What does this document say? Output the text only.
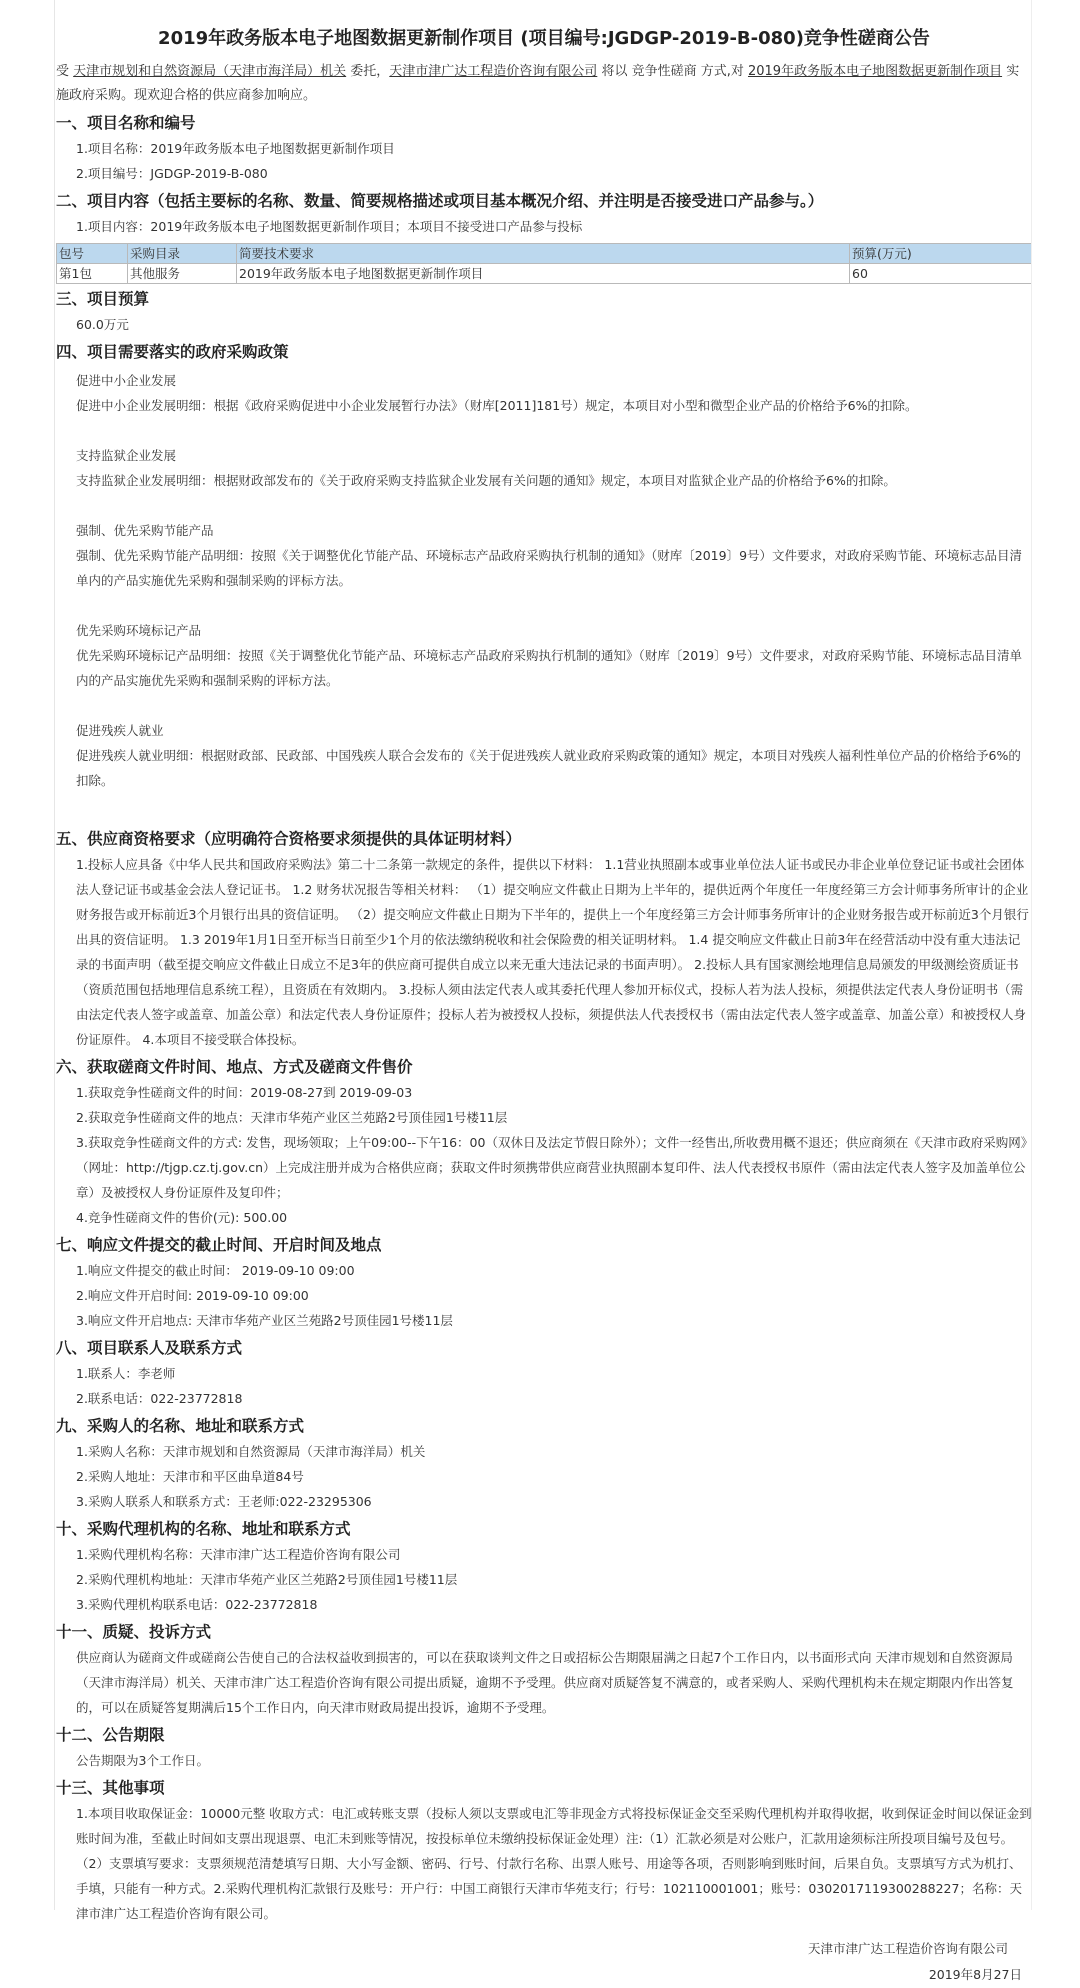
2019年政务版本电子地图数据更新制作项目 (项目编号:JGDGP-2019-B-080)竞争性磋商公告
受 天津市规划和自然资源局（天津市海洋局）机关 委托，天津市津广达工程造价咨询有限公司 将以 竞争性磋商 方式,对 2019年政务版本电子地图数据更新制作项目 实施政府采购。现欢迎合格的供应商参加响应。
一、项目名称和编号
1.项目名称：2019年政务版本电子地图数据更新制作项目
2.项目编号：JGDGP-2019-B-080
二、项目内容（包括主要标的名称、数量、简要规格描述或项目基本概况介绍、并注明是否接受进口产品参与。）
1.项目内容：2019年政务版本电子地图数据更新制作项目；本项目不接受进口产品参与投标
包号	采购目录	简要技术要求	预算(万元)
第1包	其他服务	2019年政务版本电子地图数据更新制作项目	60
三、项目预算
60.0万元
四、项目需要落实的政府采购政策
促进中小企业发展
促进中小企业发展明细：根据《政府采购促进中小企业发展暂行办法》（财库[2011]181号）规定，本项目对小型和微型企业产品的价格给予6%的扣除。
支持监狱企业发展
支持监狱企业发展明细：根据财政部发布的《关于政府采购支持监狱企业发展有关问题的通知》规定，本项目对监狱企业产品的价格给予6%的扣除。
强制、优先采购节能产品
强制、优先采购节能产品明细：按照《关于调整优化节能产品、环境标志产品政府采购执行机制的通知》（财库〔2019〕9号）文件要求，对政府采购节能、环境标志品目清单内的产品实施优先采购和强制采购的评标方法。
优先采购环境标记产品
优先采购环境标记产品明细：按照《关于调整优化节能产品、环境标志产品政府采购执行机制的通知》（财库〔2019〕9号）文件要求，对政府采购节能、环境标志品目清单内的产品实施优先采购和强制采购的评标方法。
促进残疾人就业
促进残疾人就业明细：根据财政部、民政部、中国残疾人联合会发布的《关于促进残疾人就业政府采购政策的通知》规定，本项目对残疾人福利性单位产品的价格给予6%的扣除。
五、供应商资格要求（应明确符合资格要求须提供的具体证明材料）

1.投标人应具备《中华人民共和国政府采购法》第二十二条第一款规定的条件，提供以下材料： 1.1营业执照副本或事业单位法人证书或民办非企业单位登记证书或社会团体法人登记证书或基金会法人登记证书。 1.2 财务状况报告等相关材料： （1）提交响应文件截止日期为上半年的，提供近两个年度任一年度经第三方会计师事务所审计的企业财务报告或开标前近3个月银行出具的资信证明。 （2）提交响应文件截止日期为下半年的，提供上一个年度经第三方会计师事务所审计的企业财务报告或开标前近3个月银行出具的资信证明。 1.3 2019年1月1日至开标当日前至少1个月的依法缴纳税收和社会保险费的相关证明材料。 1.4 提交响应文件截止日前3年在经营活动中没有重大违法记录的书面声明（截至提交响应文件截止日成立不足3年的供应商可提供自成立以来无重大违法记录的书面声明）。 2.投标人具有国家测绘地理信息局颁发的甲级测绘资质证书（资质范围包括地理信息系统工程），且资质在有效期内。 3.投标人须由法定代表人或其委托代理人参加开标仪式，投标人若为法人投标，须提供法定代表人身份证明书（需由法定代表人签字或盖章、加盖公章）和法定代表人身份证原件；投标人若为被授权人投标，须提供法人代表授权书（需由法定代表人签字或盖章、加盖公章）和被授权人身份证原件。 4.本项目不接受联合体投标。

六、获取磋商文件时间、地点、方式及磋商文件售价
1.获取竞争性磋商文件的时间：2019-08-27到 2019-09-03
2.获取竞争性磋商文件的地点：天津市华苑产业区兰苑路2号顶佳园1号楼11层
3.获取竞争性磋商文件的方式: 发售，现场领取；上午09:00--下午16：00（双休日及法定节假日除外）；文件一经售出,所收费用概不退还；供应商须在《天津市政府采购网》（网址：http://tjgp.cz.tj.gov.cn）上完成注册并成为合格供应商；获取文件时须携带供应商营业执照副本复印件、法人代表授权书原件（需由法定代表人签字及加盖单位公章）及被授权人身份证原件及复印件；
4.竞争性磋商文件的售价(元): 500.00
七、响应文件提交的截止时间、开启时间及地点
1.响应文件提交的截止时间： 2019-09-10 09:00
2.响应文件开启时间: 2019-09-10 09:00
3.响应文件开启地点: 天津市华苑产业区兰苑路2号顶佳园1号楼11层
八、项目联系人及联系方式
1.联系人：李老师
2.联系电话：022-23772818
九、采购人的名称、地址和联系方式
1.采购人名称：天津市规划和自然资源局（天津市海洋局）机关
2.采购人地址：天津市和平区曲阜道84号
3.采购人联系人和联系方式：王老师:022-23295306
十、采购代理机构的名称、地址和联系方式
1.采购代理机构名称：天津市津广达工程造价咨询有限公司
2.采购代理机构地址：天津市华苑产业区兰苑路2号顶佳园1号楼11层
3.采购代理机构联系电话：022-23772818
十一、质疑、投诉方式

供应商认为磋商文件或磋商公告使自己的合法权益收到损害的，可以在获取谈判文件之日或招标公告期限届满之日起7个工作日内，以书面形式向 天津市规划和自然资源局（天津市海洋局）机关、天津市津广达工程造价咨询有限公司提出质疑，逾期不予受理。供应商对质疑答复不满意的，或者采购人、采购代理机构未在规定期限内作出答复的，可以在质疑答复期满后15个工作日内，向天津市财政局提出投诉，逾期不予受理。

十二、公告期限
公告期限为3个工作日。
十三、其他事项

1.本项目收取保证金：10000元整 收取方式：电汇或转账支票（投标人须以支票或电汇等非现金方式将投标保证金交至采购代理机构并取得收据，收到保证金时间以保证金到账时间为准，至截止时间如支票出现退票、电汇未到账等情况，按投标单位未缴纳投标保证金处理）注:（1）汇款必须是对公账户，汇款用途须标注所投项目编号及包号。 （2）支票填写要求：支票须规范清楚填写日期、大小写金额、密码、行号、付款行名称、出票人账号、用途等各项，否则影响到账时间，后果自负。支票填写方式为机打、手填，只能有一种方式。2.采购代理机构汇款银行及账号：开户行：中国工商银行天津市华苑支行；行号：102110001001；账号：0302017119300288227；名称：天津市津广达工程造价咨询有限公司。

天津市津广达工程造价咨询有限公司
2019年8月27日
